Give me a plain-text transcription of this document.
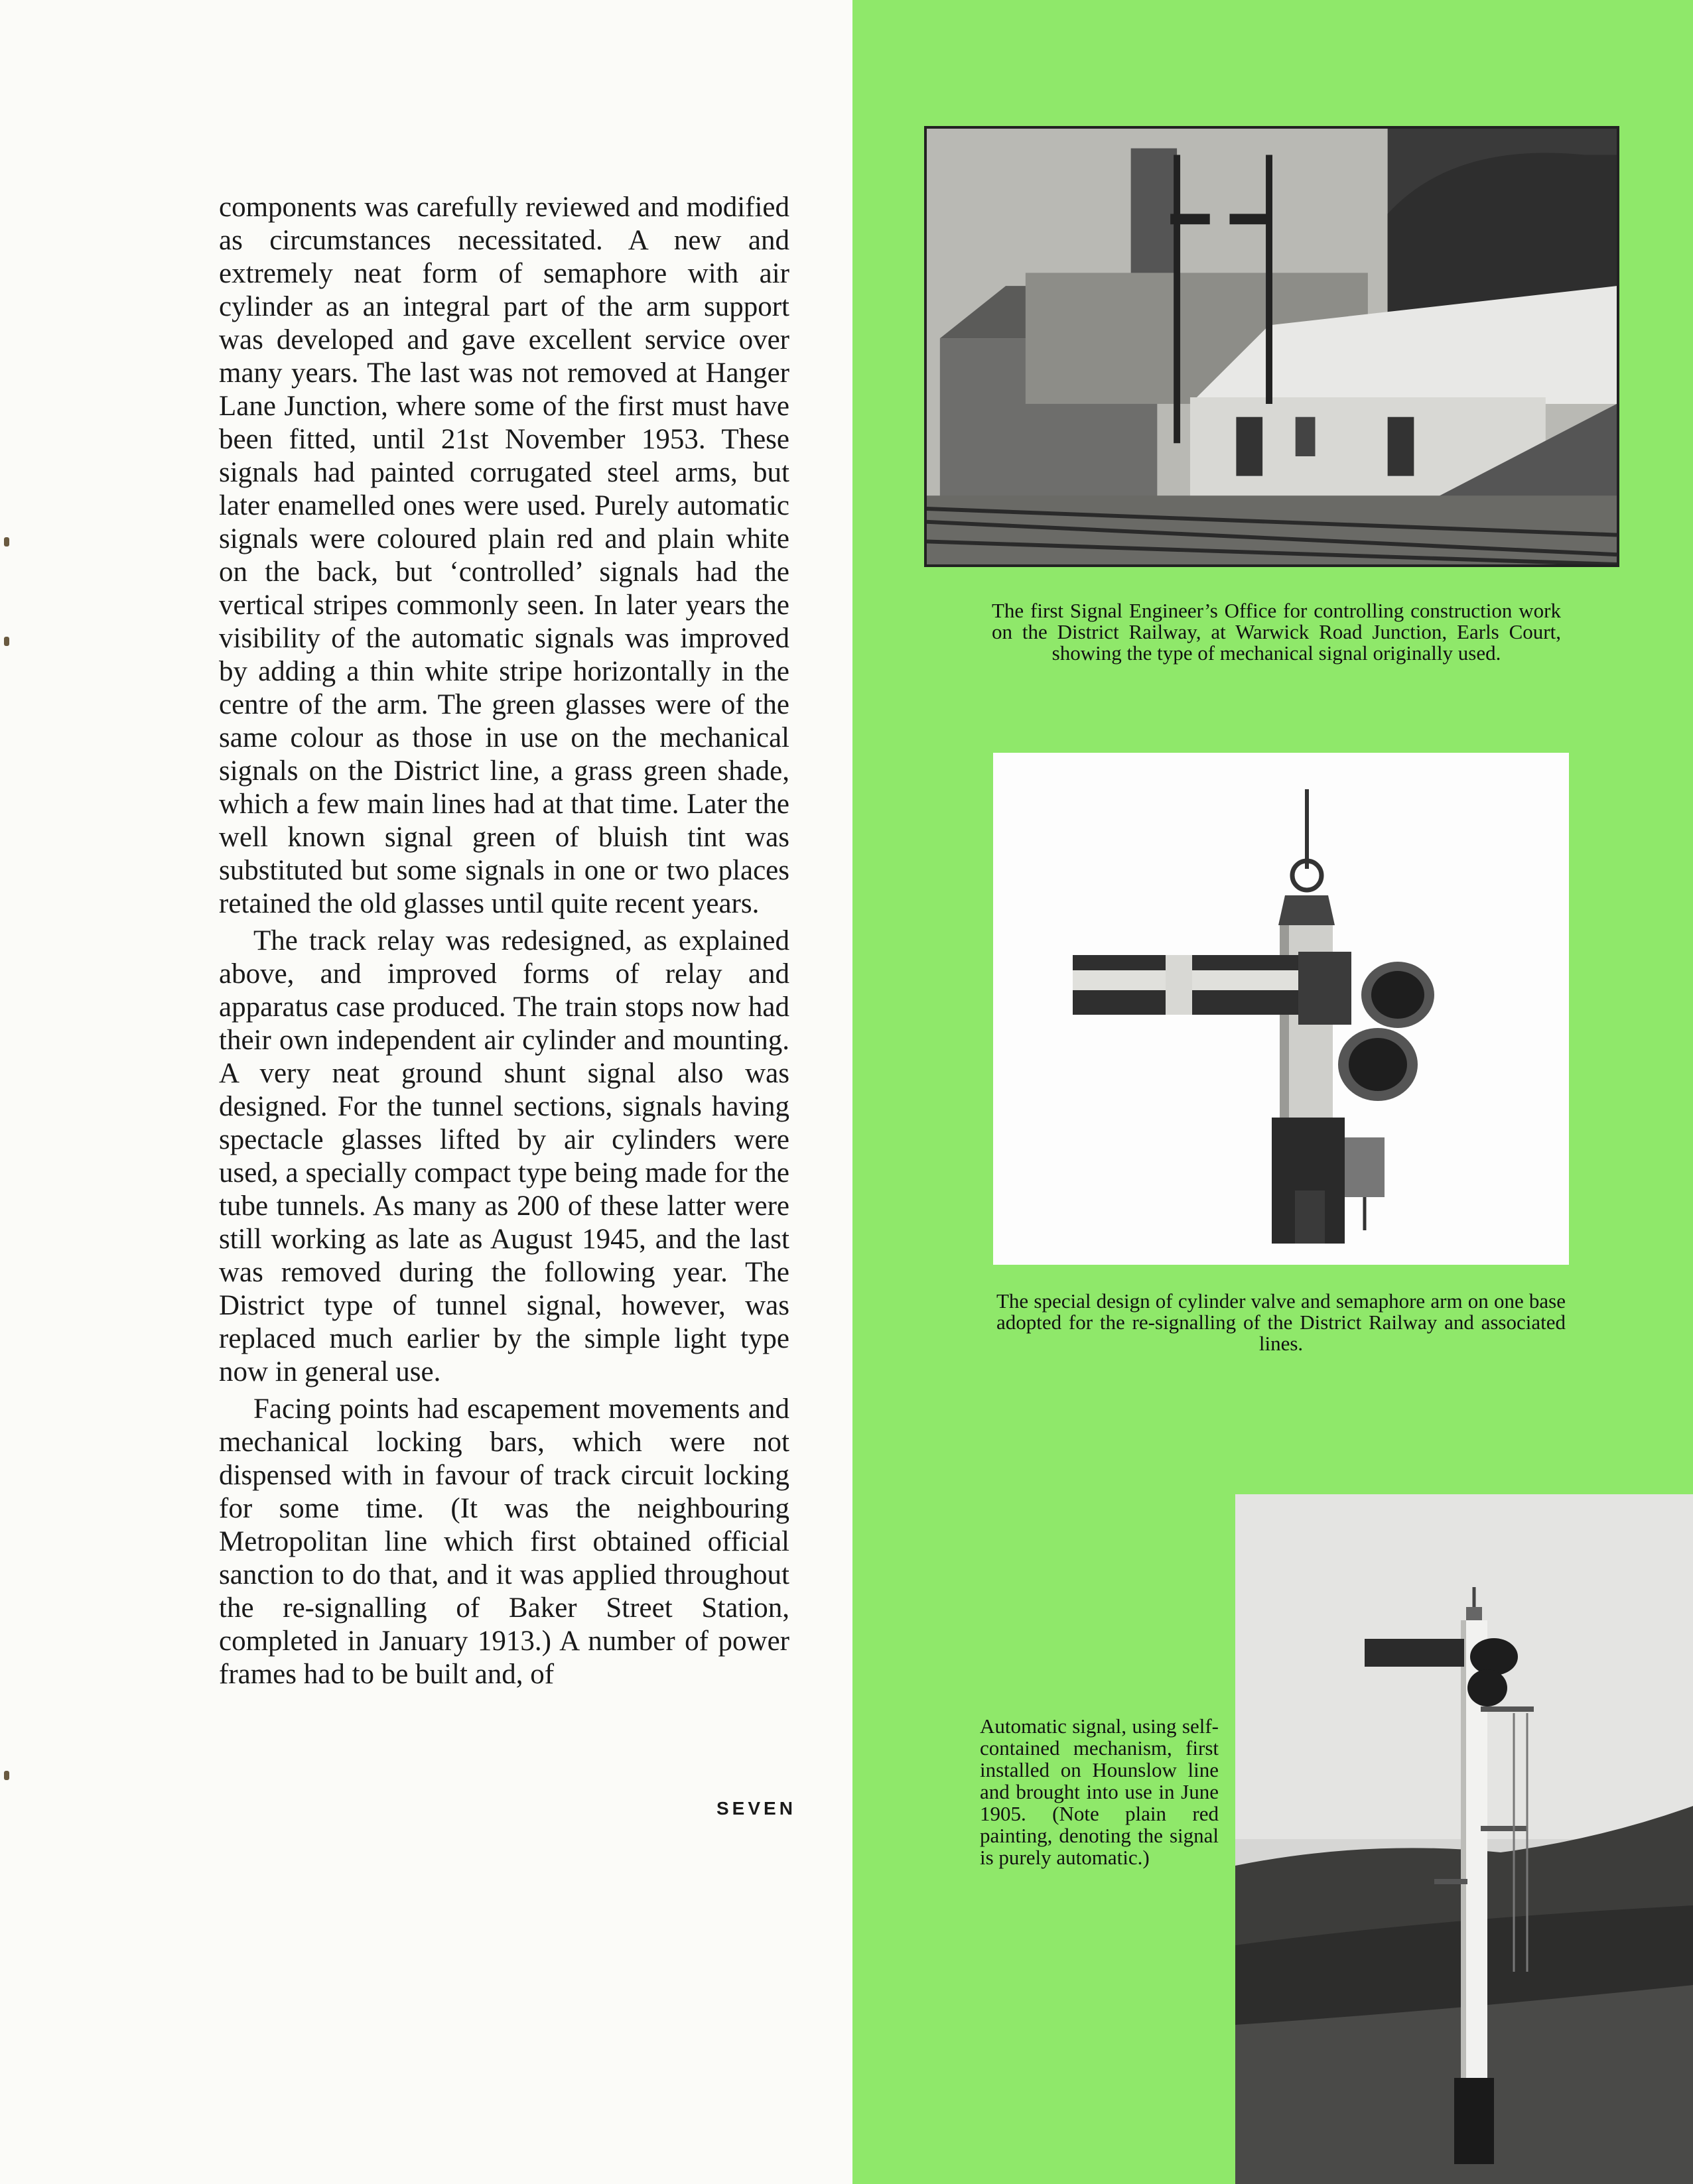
components was carefully reviewed and modified as circumstances necessitated. A new and extremely neat form of semaphore with air cylinder as an integral part of the arm support was developed and gave excellent service over many years. The last was not removed at Hanger Lane Junction, where some of the first must have been fitted, until 21st November 1953. These signals had painted corrugated steel arms, but later enamelled ones were used. Purely automatic signals were coloured plain red and plain white on the back, but ‘controlled’ signals had the vertical stripes commonly seen. In later years the visibility of the automatic signals was improved by adding a thin white stripe horizontally in the centre of the arm. The green glasses were of the same colour as those in use on the mechanical signals on the District line, a grass green shade, which a few main lines had at that time. Later the well known signal green of bluish tint was substituted but some signals in one or two places retained the old glasses until quite recent years.

The track relay was redesigned, as explained above, and improved forms of relay and apparatus case produced. The train stops now had their own independent air cylinder and mounting. A very neat ground shunt signal also was designed. For the tunnel sections, signals having spectacle glasses lifted by air cylinders were used, a specially compact type being made for the tube tunnels. As many as 200 of these latter were still working as late as August 1945, and the last was removed during the following year. The District type of tunnel signal, however, was replaced much earlier by the simple light type now in general use.

Facing points had escapement movements and mechanical locking bars, which were not dispensed with in favour of track circuit locking for some time. (It was the neighbouring Metropolitan line which first obtained official sanction to do that, and it was applied throughout the re-signalling of Baker Street Station, completed in January 1913.) A number of power frames had to be built and, of

SEVEN
The first Signal Engineer’s Office for controlling construction work on the District Railway, at Warwick Road Junction, Earls Court, showing the type of mechanical signal originally used.
The special design of cylinder valve and semaphore arm on one base adopted for the re-signalling of the District Railway and associated lines.
Automatic signal, using self-contained mechanism, first installed on Hounslow line and brought into use in June 1905. (Note plain red painting, denoting the signal is purely automatic.)
